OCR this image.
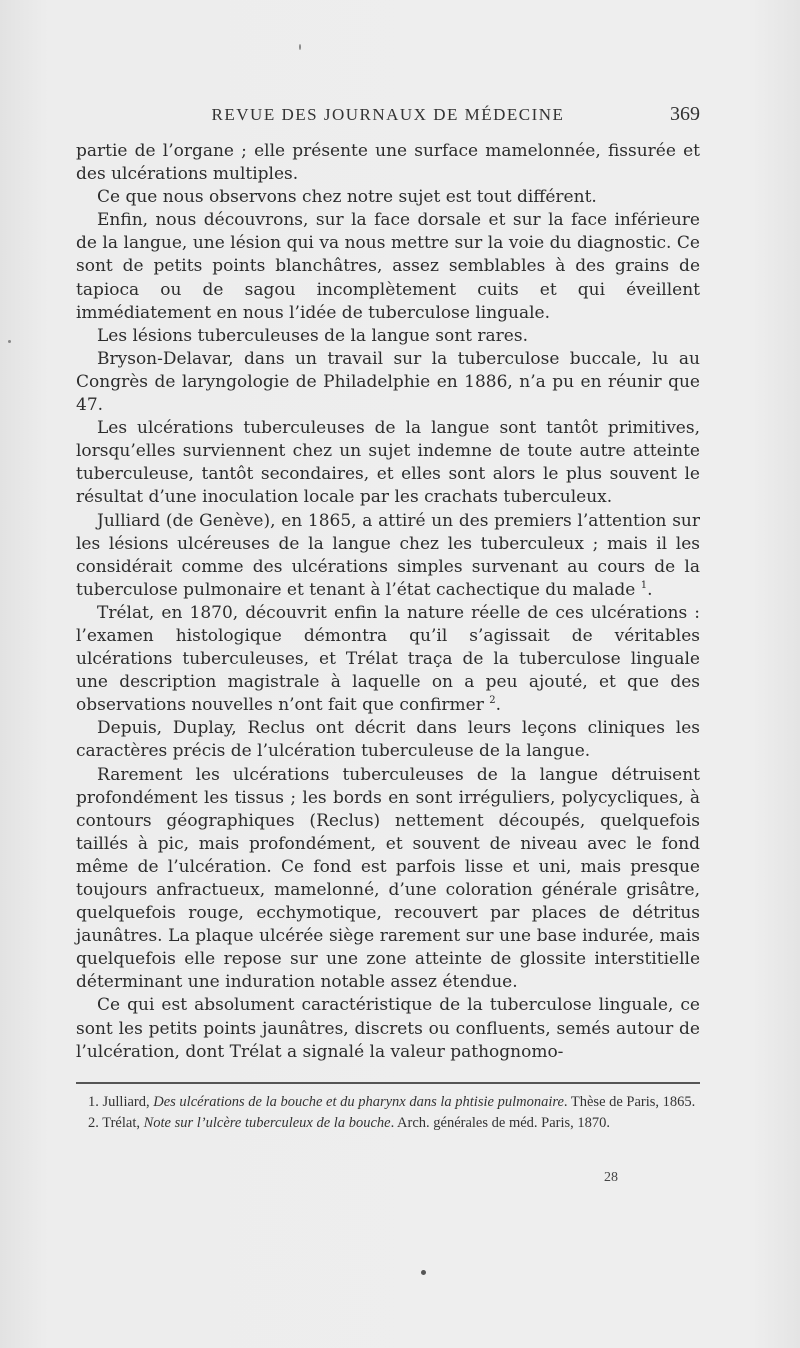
REVUE DES JOURNAUX DE MÉDECINE	369

partie de l’organe ; elle présente une surface mamelonnée, fissurée et des ulcérations multiples.

Ce que nous observons chez notre sujet est tout différent.

Enfin, nous découvrons, sur la face dorsale et sur la face inférieure de la langue, une lésion qui va nous mettre sur la voie du diagnostic. Ce sont de petits points blanchâtres, assez semblables à des grains de tapioca ou de sagou incomplètement cuits et qui éveillent immédiatement en nous l’idée de tuberculose linguale.

Les lésions tuberculeuses de la langue sont rares.

Bryson-Delavar, dans un travail sur la tuberculose buccale, lu au Congrès de laryngologie de Philadelphie en 1886, n’a pu en réunir que 47.

Les ulcérations tuberculeuses de la langue sont tantôt primitives, lorsqu’elles surviennent chez un sujet indemne de toute autre atteinte tuberculeuse, tantôt secondaires, et elles sont alors le plus souvent le résultat d’une inoculation locale par les crachats tuberculeux.

Julliard (de Genève), en 1865, a attiré un des premiers l’attention sur les lésions ulcéreuses de la langue chez les tuberculeux ; mais il les considérait comme des ulcérations simples survenant au cours de la tuberculose pulmonaire et tenant à l’état cachectique du malade $^1$.

Trélat, en 1870, découvrit enfin la nature réelle de ces ulcérations : l’examen histologique démontra qu’il s’agissait de véritables ulcérations tuberculeuses, et Trélat traça de la tuberculose linguale une description magistrale à laquelle on a peu ajouté, et que des observations nouvelles n’ont fait que confirmer $^2$.

Depuis, Duplay, Reclus ont décrit dans leurs leçons cliniques les caractères précis de l’ulcération tuberculeuse de la langue.

Rarement les ulcérations tuberculeuses de la langue détruisent profondément les tissus ; les bords en sont irréguliers, polycycliques, à contours géographiques (Reclus) nettement découpés, quelquefois taillés à pic, mais profondément, et souvent de niveau avec le fond même de l’ulcération. Ce fond est parfois lisse et uni, mais presque toujours anfractueux, mamelonné, d’une coloration générale grisâtre, quelquefois rouge, ecchymotique, recouvert par places de détritus jaunâtres. La plaque ulcérée siège rarement sur une base indurée, mais quelquefois elle repose sur une zone atteinte de glossite interstitielle déterminant une induration notable assez étendue.

Ce qui est absolument caractéristique de la tuberculose linguale, ce sont les petits points jaunâtres, discrets ou confluents, semés autour de l’ulcération, dont Trélat a signalé la valeur pathognomo-

1. Julliard, Des ulcérations de la bouche et du pharynx dans la phtisie pulmonaire. Thèse de Paris, 1865.

2. Trélat, Note sur l’ulcère tuberculeux de la bouche. Arch. générales de méd. Paris, 1870.

28
